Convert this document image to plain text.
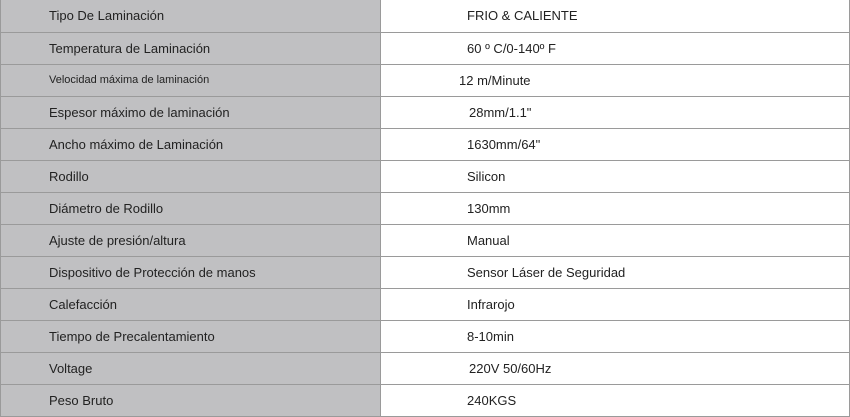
Tipo De Laminación	FRIO & CALIENTE
Temperatura de Laminación	60 º C/0-140º F
Velocidad máxima de laminación	12 m/Minute
Espesor máximo de laminación	28mm/1.1"
Ancho máximo de Laminación	1630mm/64"
Rodillo	Silicon
Diámetro de Rodillo	130mm
Ajuste de presión/altura	Manual
Dispositivo de Protección de manos	Sensor Láser de Seguridad
Calefacción	Infrarojo
Tiempo de Precalentamiento	8-10min
Voltage	220V 50/60Hz
Peso Bruto	240KGS
